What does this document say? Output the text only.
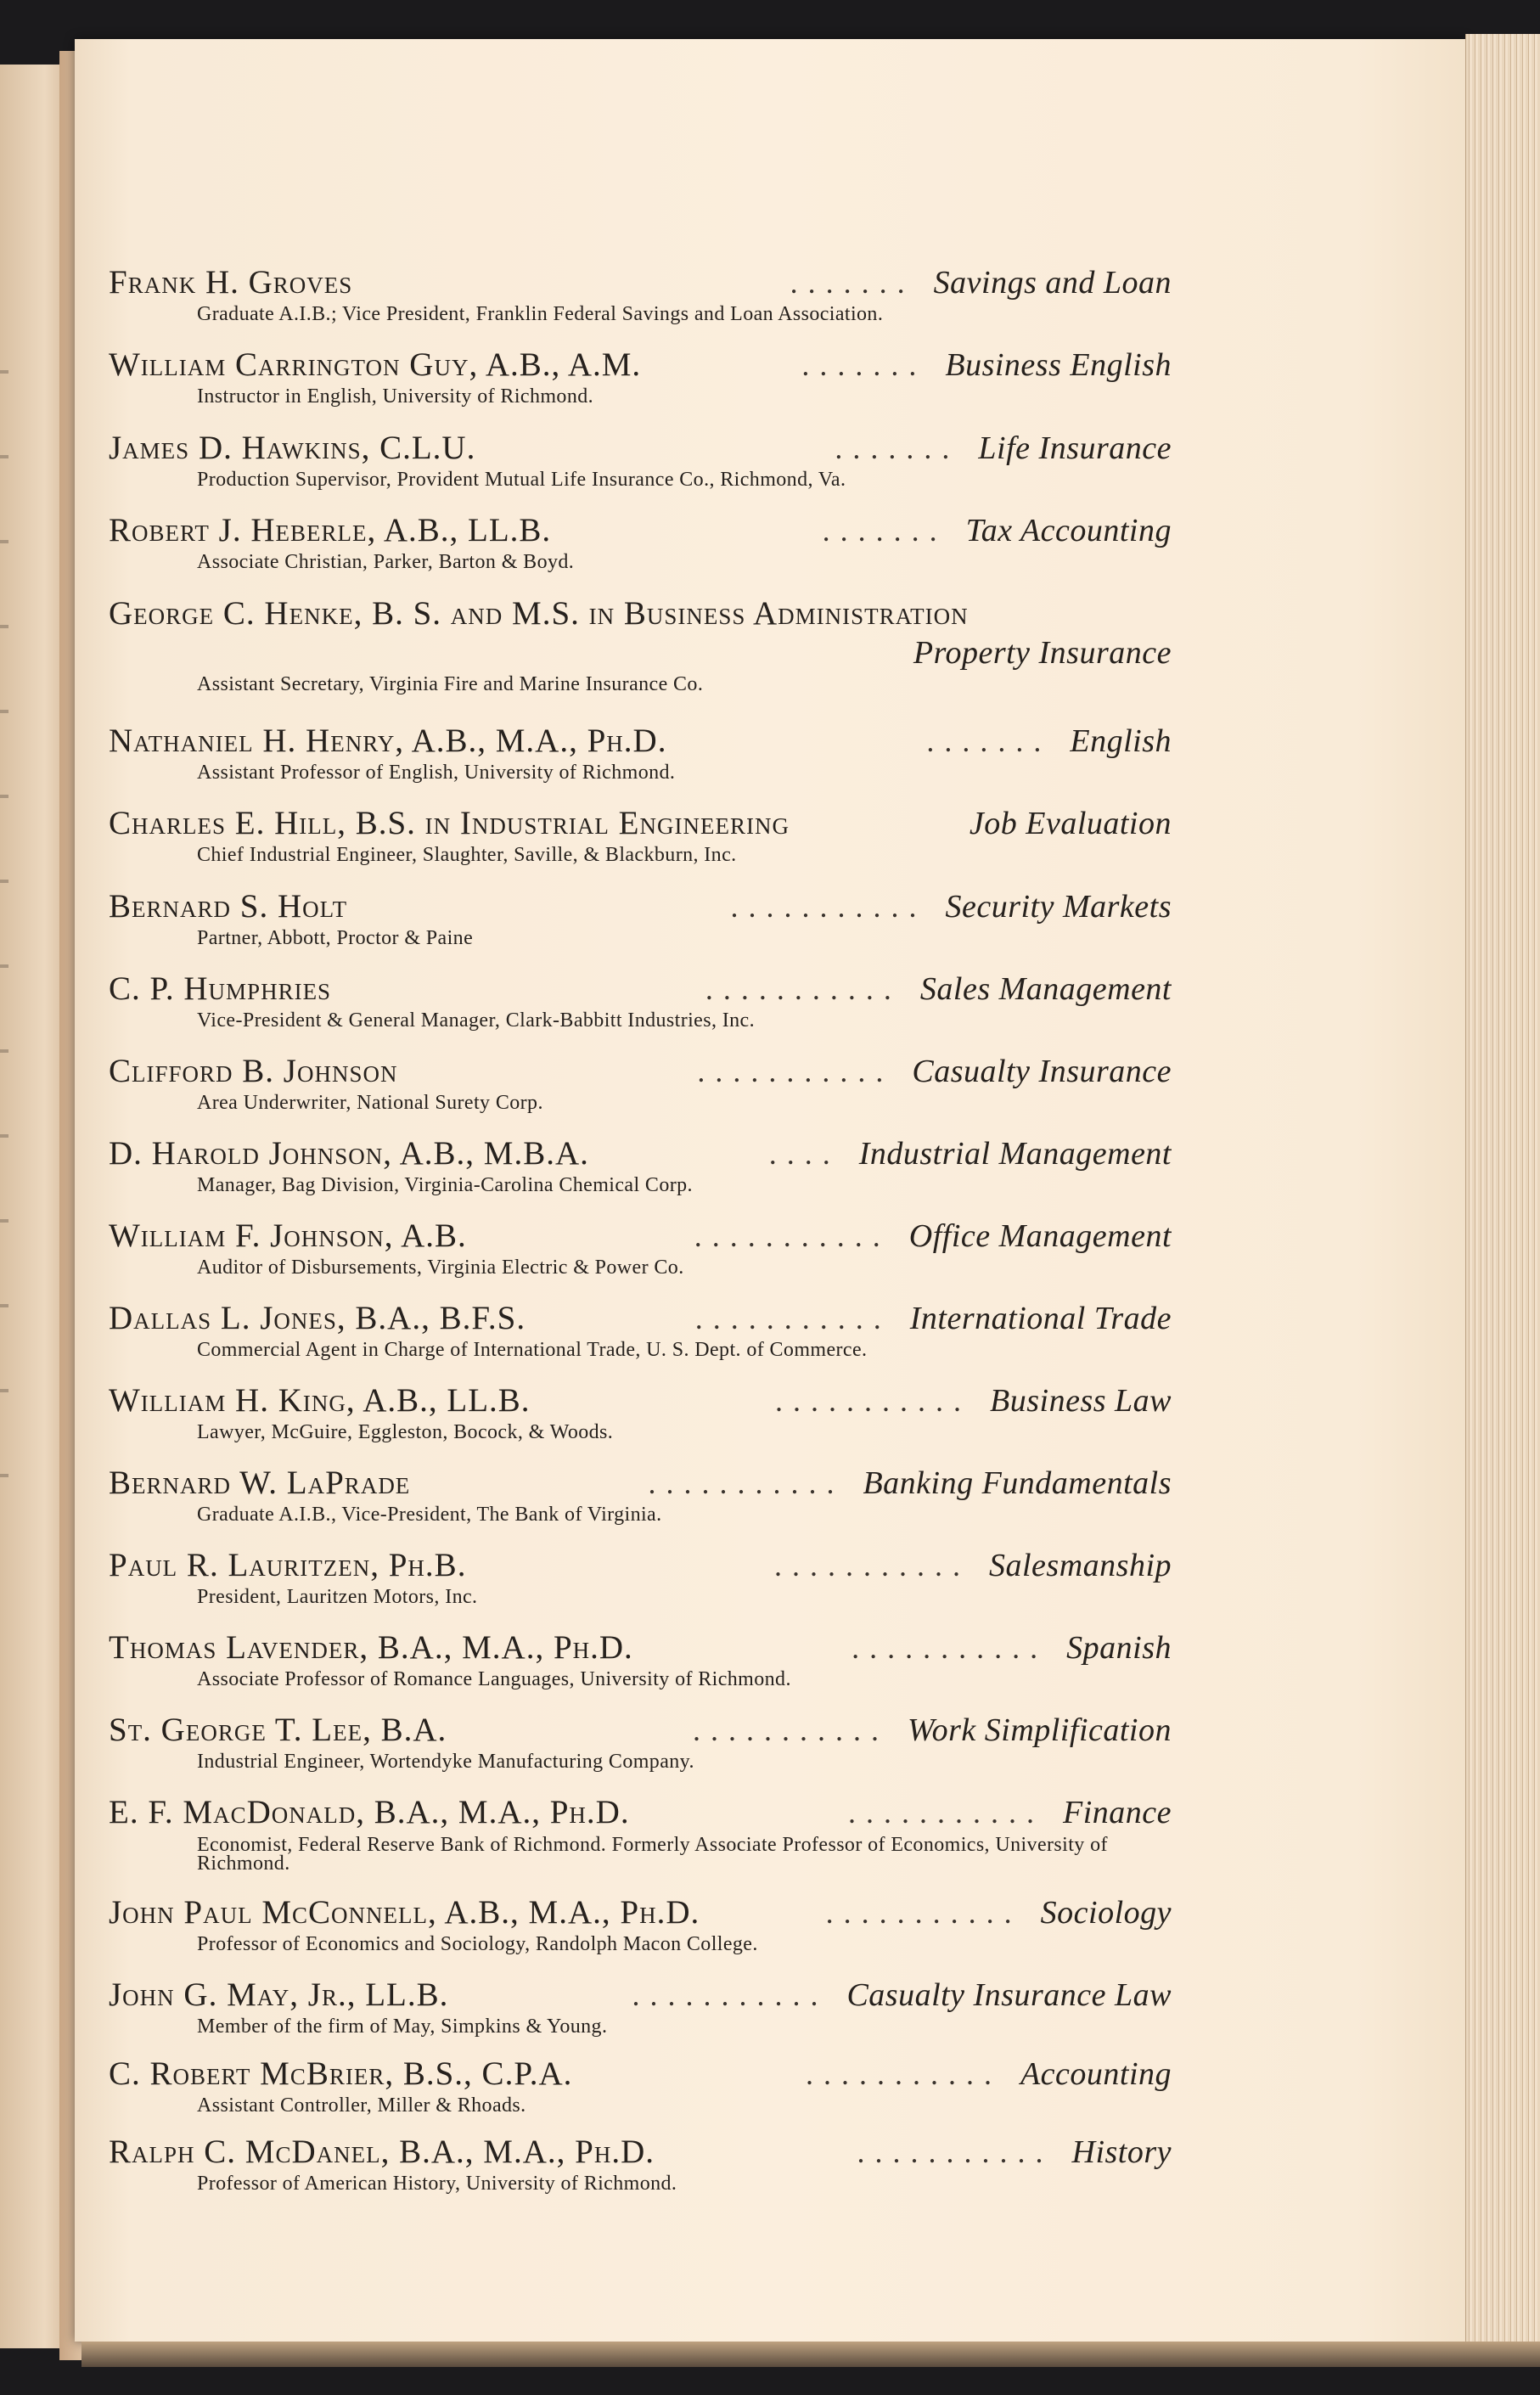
Frank H. Groves	....... Savings and Loan
Graduate A.I.B.; Vice President, Franklin Federal Savings and Loan Association.
William Carrington Guy, A.B., A.M.	....... Business English
Instructor in English, University of Richmond.
James D. Hawkins, C.L.U.	....... Life Insurance
Production Supervisor, Provident Mutual Life Insurance Co., Richmond, Va.
Robert J. Heberle, A.B., LL.B.	....... Tax Accounting
Associate Christian, Parker, Barton & Boyd.
George C. Henke, B. S. and M.S. in Business Administration
Property Insurance
Assistant Secretary, Virginia Fire and Marine Insurance Co.
Nathaniel H. Henry, A.B., M.A., Ph.D.	....... English
Assistant Professor of English, University of Richmond.
Charles E. Hill, B.S. in Industrial Engineering	Job Evaluation
Chief Industrial Engineer, Slaughter, Saville, & Blackburn, Inc.
Bernard S. Holt	........... Security Markets
Partner, Abbott, Proctor & Paine
C. P. Humphries	........... Sales Management
Vice-President & General Manager, Clark-Babbitt Industries, Inc.
Clifford B. Johnson	........... Casualty Insurance
Area Underwriter, National Surety Corp.
D. Harold Johnson, A.B., M.B.A.	.... Industrial Management
Manager, Bag Division, Virginia-Carolina Chemical Corp.
William F. Johnson, A.B.	........... Office Management
Auditor of Disbursements, Virginia Electric & Power Co.
Dallas L. Jones, B.A., B.F.S.	........... International Trade
Commercial Agent in Charge of International Trade, U. S. Dept. of Commerce.
William H. King, A.B., LL.B.	........... Business Law
Lawyer, McGuire, Eggleston, Bocock, & Woods.
Bernard W. LaPrade	........... Banking Fundamentals
Graduate A.I.B., Vice-President, The Bank of Virginia.
Paul R. Lauritzen, Ph.B.	........... Salesmanship
President, Lauritzen Motors, Inc.
Thomas Lavender, B.A., M.A., Ph.D.	........... Spanish
Associate Professor of Romance Languages, University of Richmond.
St. George T. Lee, B.A.	........... Work Simplification
Industrial Engineer, Wortendyke Manufacturing Company.
E. F. MacDonald, B.A., M.A., Ph.D.	........... Finance
Economist, Federal Reserve Bank of Richmond. Formerly Associate Professor of Economics, University of Richmond.
John Paul McConnell, A.B., M.A., Ph.D.	........... Sociology
Professor of Economics and Sociology, Randolph Macon College.
John G. May, Jr., LL.B.	........... Casualty Insurance Law
Member of the firm of May, Simpkins & Young.
C. Robert McBrier, B.S., C.P.A.	........... Accounting
Assistant Controller, Miller & Rhoads.
Ralph C. McDanel, B.A., M.A., Ph.D.	........... History
Professor of American History, University of Richmond.
